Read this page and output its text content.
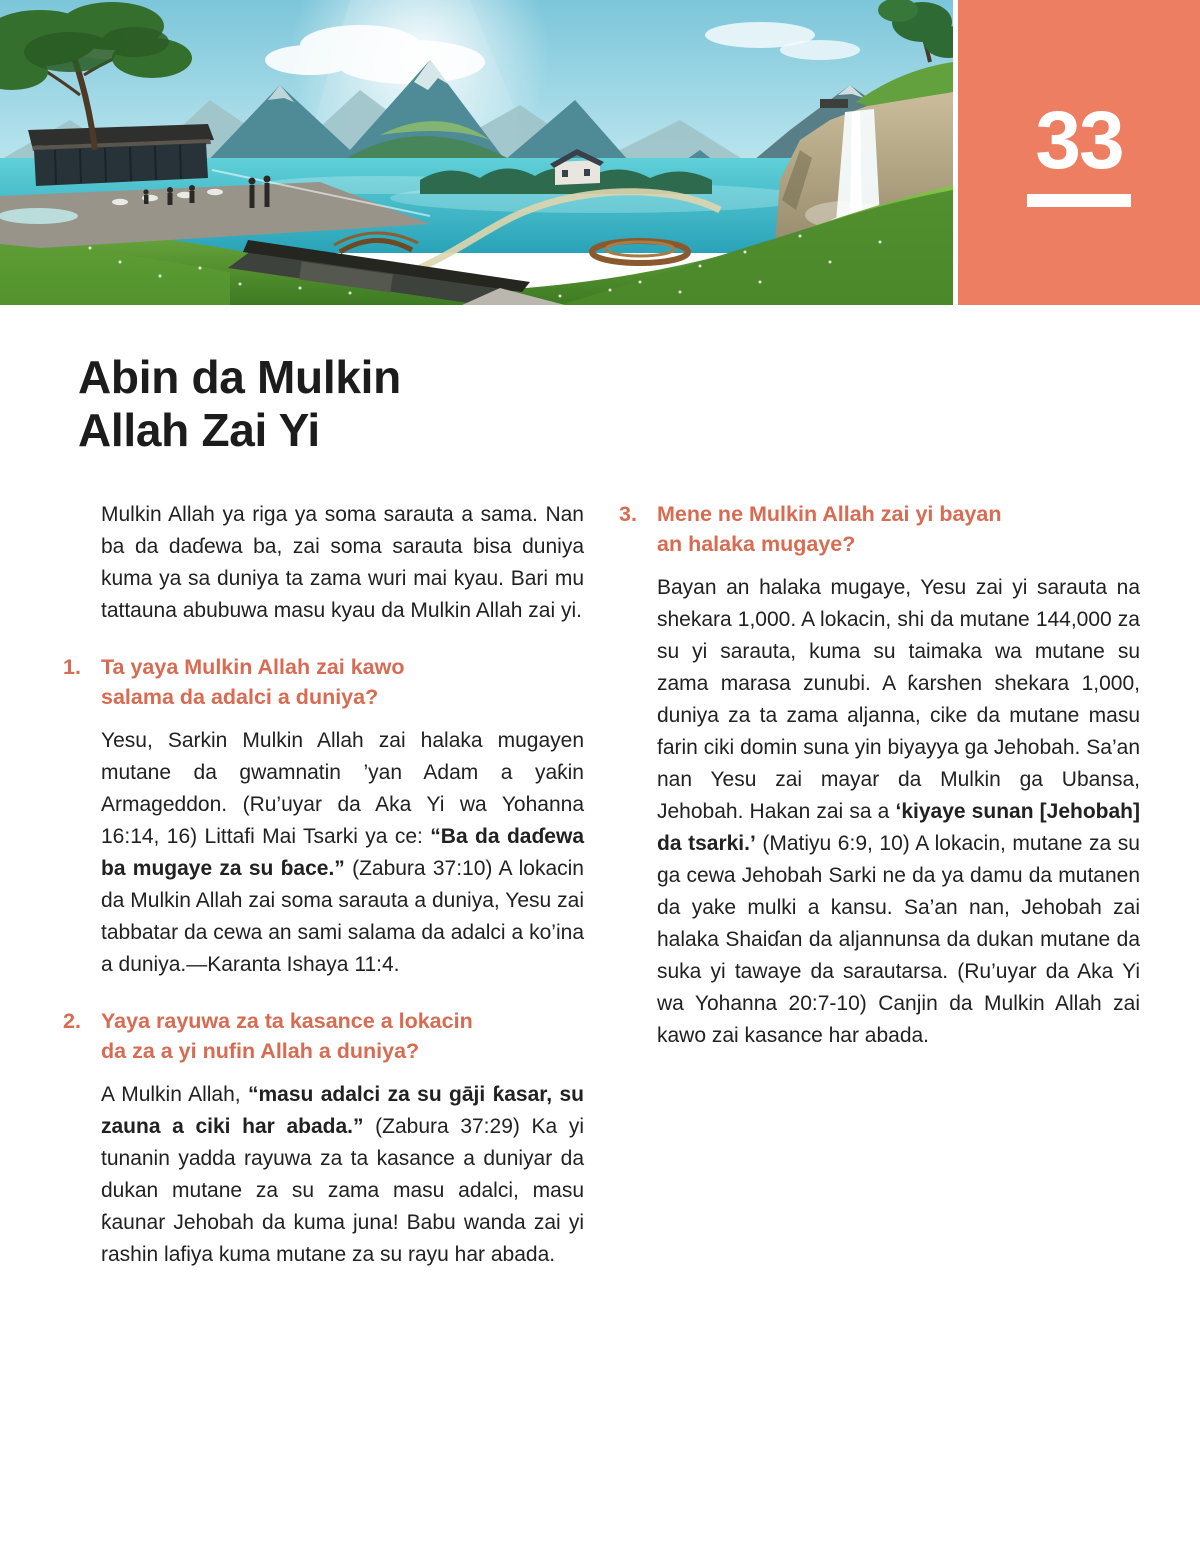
33
Abin da Mulkin
Allah Zai Yi

Mulkin Allah ya riga ya soma sarauta a sama. Nan ba da daɗewa ba, zai soma sarauta bisa duniya kuma ya sa duniya ta zama wuri mai kyau. Bari mu tattauna abubuwa masu kyau da Mulkin Allah zai yi.

1. Ta yaya Mulkin Allah zai kawo
salama da adalci a duniya?

Yesu, Sarkin Mulkin Allah zai halaka mugayen mutane da gwamnatin ’yan Adam a yaƙin Armageddon. (Ru’uyar da Aka Yi wa Yohanna 16:14, 16) Littafi Mai Tsarki ya ce: “Ba da daɗewa ba mugaye za su ɓace.” (Zabura 37:10) A lokacin da Mulkin Allah zai soma sarauta a duniya, Yesu zai tabbatar da cewa an sami salama da adalci a ko’ina a duniya.—Karanta Ishaya 11:4.

2. Yaya rayuwa za ta kasance a lokacin
da za a yi nufin Allah a duniya?

A Mulkin Allah, “masu adalci za su gāji ƙasar, su zauna a ciki har abada.” (Zabura 37:29) Ka yi tunanin yadda rayuwa za ta kasance a duniyar da dukan mutane za su zama masu adalci, masu ƙaunar Jehobah da kuma juna! Babu wanda zai yi rashin lafiya kuma mutane za su rayu har abada.

3. Mene ne Mulkin Allah zai yi bayan
an halaka mugaye?

Bayan an halaka mugaye, Yesu zai yi sarauta na shekara 1,000. A lokacin, shi da mutane 144,000 za su yi sarauta, kuma su taimaka wa mutane su zama marasa zunubi. A ƙarshen shekara 1,000, duniya za ta zama aljanna, cike da mutane masu farin ciki domin suna yin biyayya ga Jehobah. Sa’an nan Yesu zai mayar da Mulkin ga Ubansa, Jehobah. Hakan zai sa a ‘kiyaye sunan [Jehobah] da tsarki.’ (Matiyu 6:9, 10) A lokacin, mutane za su ga cewa Jehobah Sarki ne da ya damu da mutanen da yake mulki a kansu. Sa’an nan, Jehobah zai halaka Shaiɗan da aljannunsa da dukan mutane da suka yi tawaye da sarautarsa. (Ru’uyar da Aka Yi wa Yohanna 20:7-10) Canjin da Mulkin Allah zai kawo zai kasance har abada.
